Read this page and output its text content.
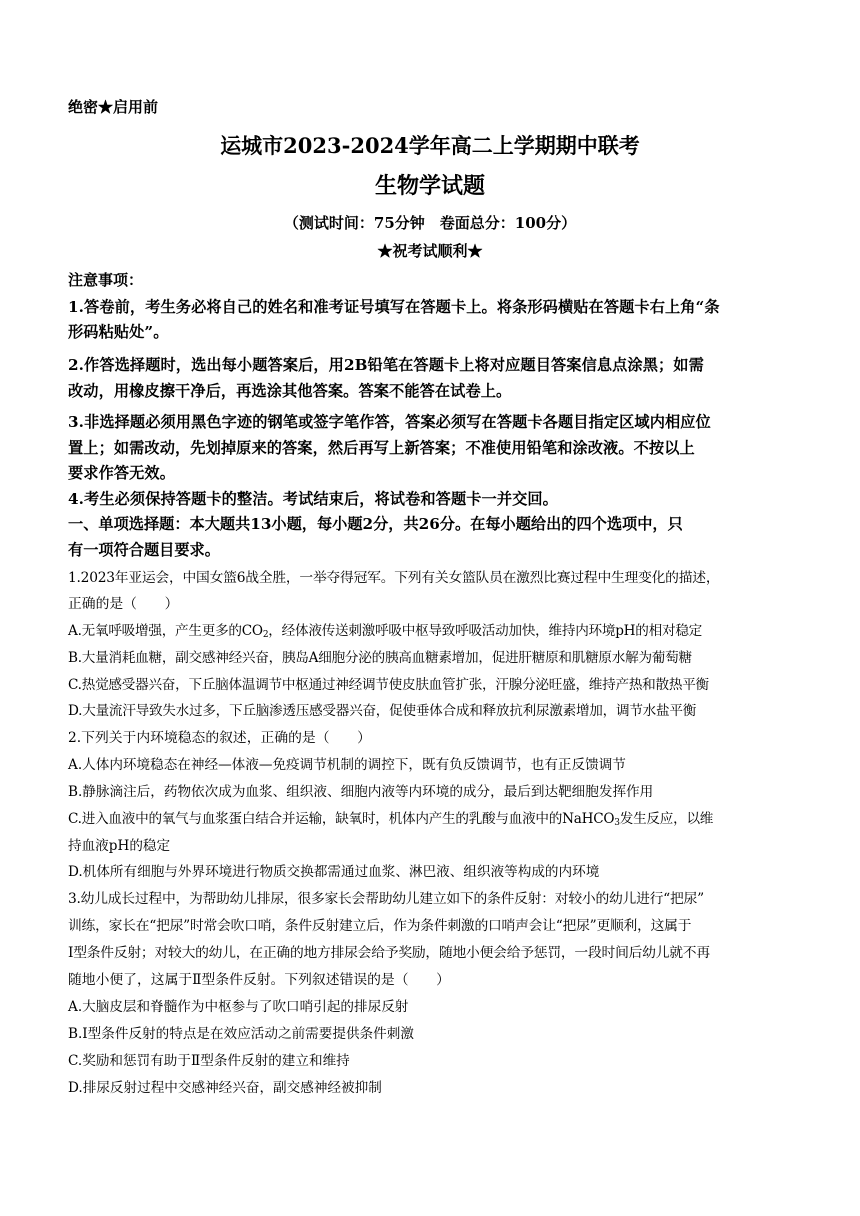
绝密★启用前
运城市2023-2024学年高二上学期期中联考
生物学试题
（测试时间：75分钟　卷面总分：100分）
★祝考试顺利★
注意事项：
1.答卷前，考生务必将自己的姓名和准考证号填写在答题卡上。将条形码横贴在答题卡右上角“条
形码粘贴处”。
2.作答选择题时，选出每小题答案后，用2B铅笔在答题卡上将对应题目答案信息点涂黑；如需
改动，用橡皮擦干净后，再选涂其他答案。答案不能答在试卷上。
3.非选择题必须用黑色字迹的钢笔或签字笔作答，答案必须写在答题卡各题目指定区域内相应位
置上；如需改动，先划掉原来的答案，然后再写上新答案；不准使用铅笔和涂改液。不按以上
要求作答无效。
4.考生必须保持答题卡的整洁。考试结束后，将试卷和答题卡一并交回。
一、单项选择题：本大题共13小题，每小题2分，共26分。在每小题给出的四个选项中，只
有一项符合题目要求。
1.2023年亚运会，中国女篮6战全胜，一举夺得冠军。下列有关女篮队员在激烈比赛过程中生理变化的描述，
正确的是（　　）
A.无氧呼吸增强，产生更多的$CO_2$，经体液传送刺激呼吸中枢导致呼吸活动加快，维持内环境pH的相对稳定
B.大量消耗血糖，副交感神经兴奋，胰岛A细胞分泌的胰高血糖素增加，促进肝糖原和肌糖原水解为葡萄糖
C.热觉感受器兴奋，下丘脑体温调节中枢通过神经调节使皮肤血管扩张，汗腺分泌旺盛，维持产热和散热平衡
D.大量流汗导致失水过多，下丘脑渗透压感受器兴奋，促使垂体合成和释放抗利尿激素增加，调节水盐平衡
2.下列关于内环境稳态的叙述，正确的是（　　）
A.人体内环境稳态在神经—体液—免疫调节机制的调控下，既有负反馈调节，也有正反馈调节
B.静脉滴注后，药物依次成为血浆、组织液、细胞内液等内环境的成分，最后到达靶细胞发挥作用
C.进入血液中的氧气与血浆蛋白结合并运输，缺氧时，机体内产生的乳酸与血液中的NaHCO$_3$发生反应，以维
持血液pH的稳定
D.机体所有细胞与外界环境进行物质交换都需通过血浆、淋巴液、组织液等构成的内环境
3.幼儿成长过程中，为帮助幼儿排尿，很多家长会帮助幼儿建立如下的条件反射：对较小的幼儿进行“把尿”
训练，家长在“把尿”时常会吹口哨，条件反射建立后，作为条件刺激的口哨声会让“把尿”更顺利，这属于
I型条件反射；对较大的幼儿，在正确的地方排尿会给予奖励，随地小便会给予惩罚，一段时间后幼儿就不再
随地小便了，这属于Ⅱ型条件反射。下列叙述错误的是（　　）
A.大脑皮层和脊髓作为中枢参与了吹口哨引起的排尿反射
B.I型条件反射的特点是在效应活动之前需要提供条件刺激
C.奖励和惩罚有助于Ⅱ型条件反射的建立和维持
D.排尿反射过程中交感神经兴奋，副交感神经被抑制
